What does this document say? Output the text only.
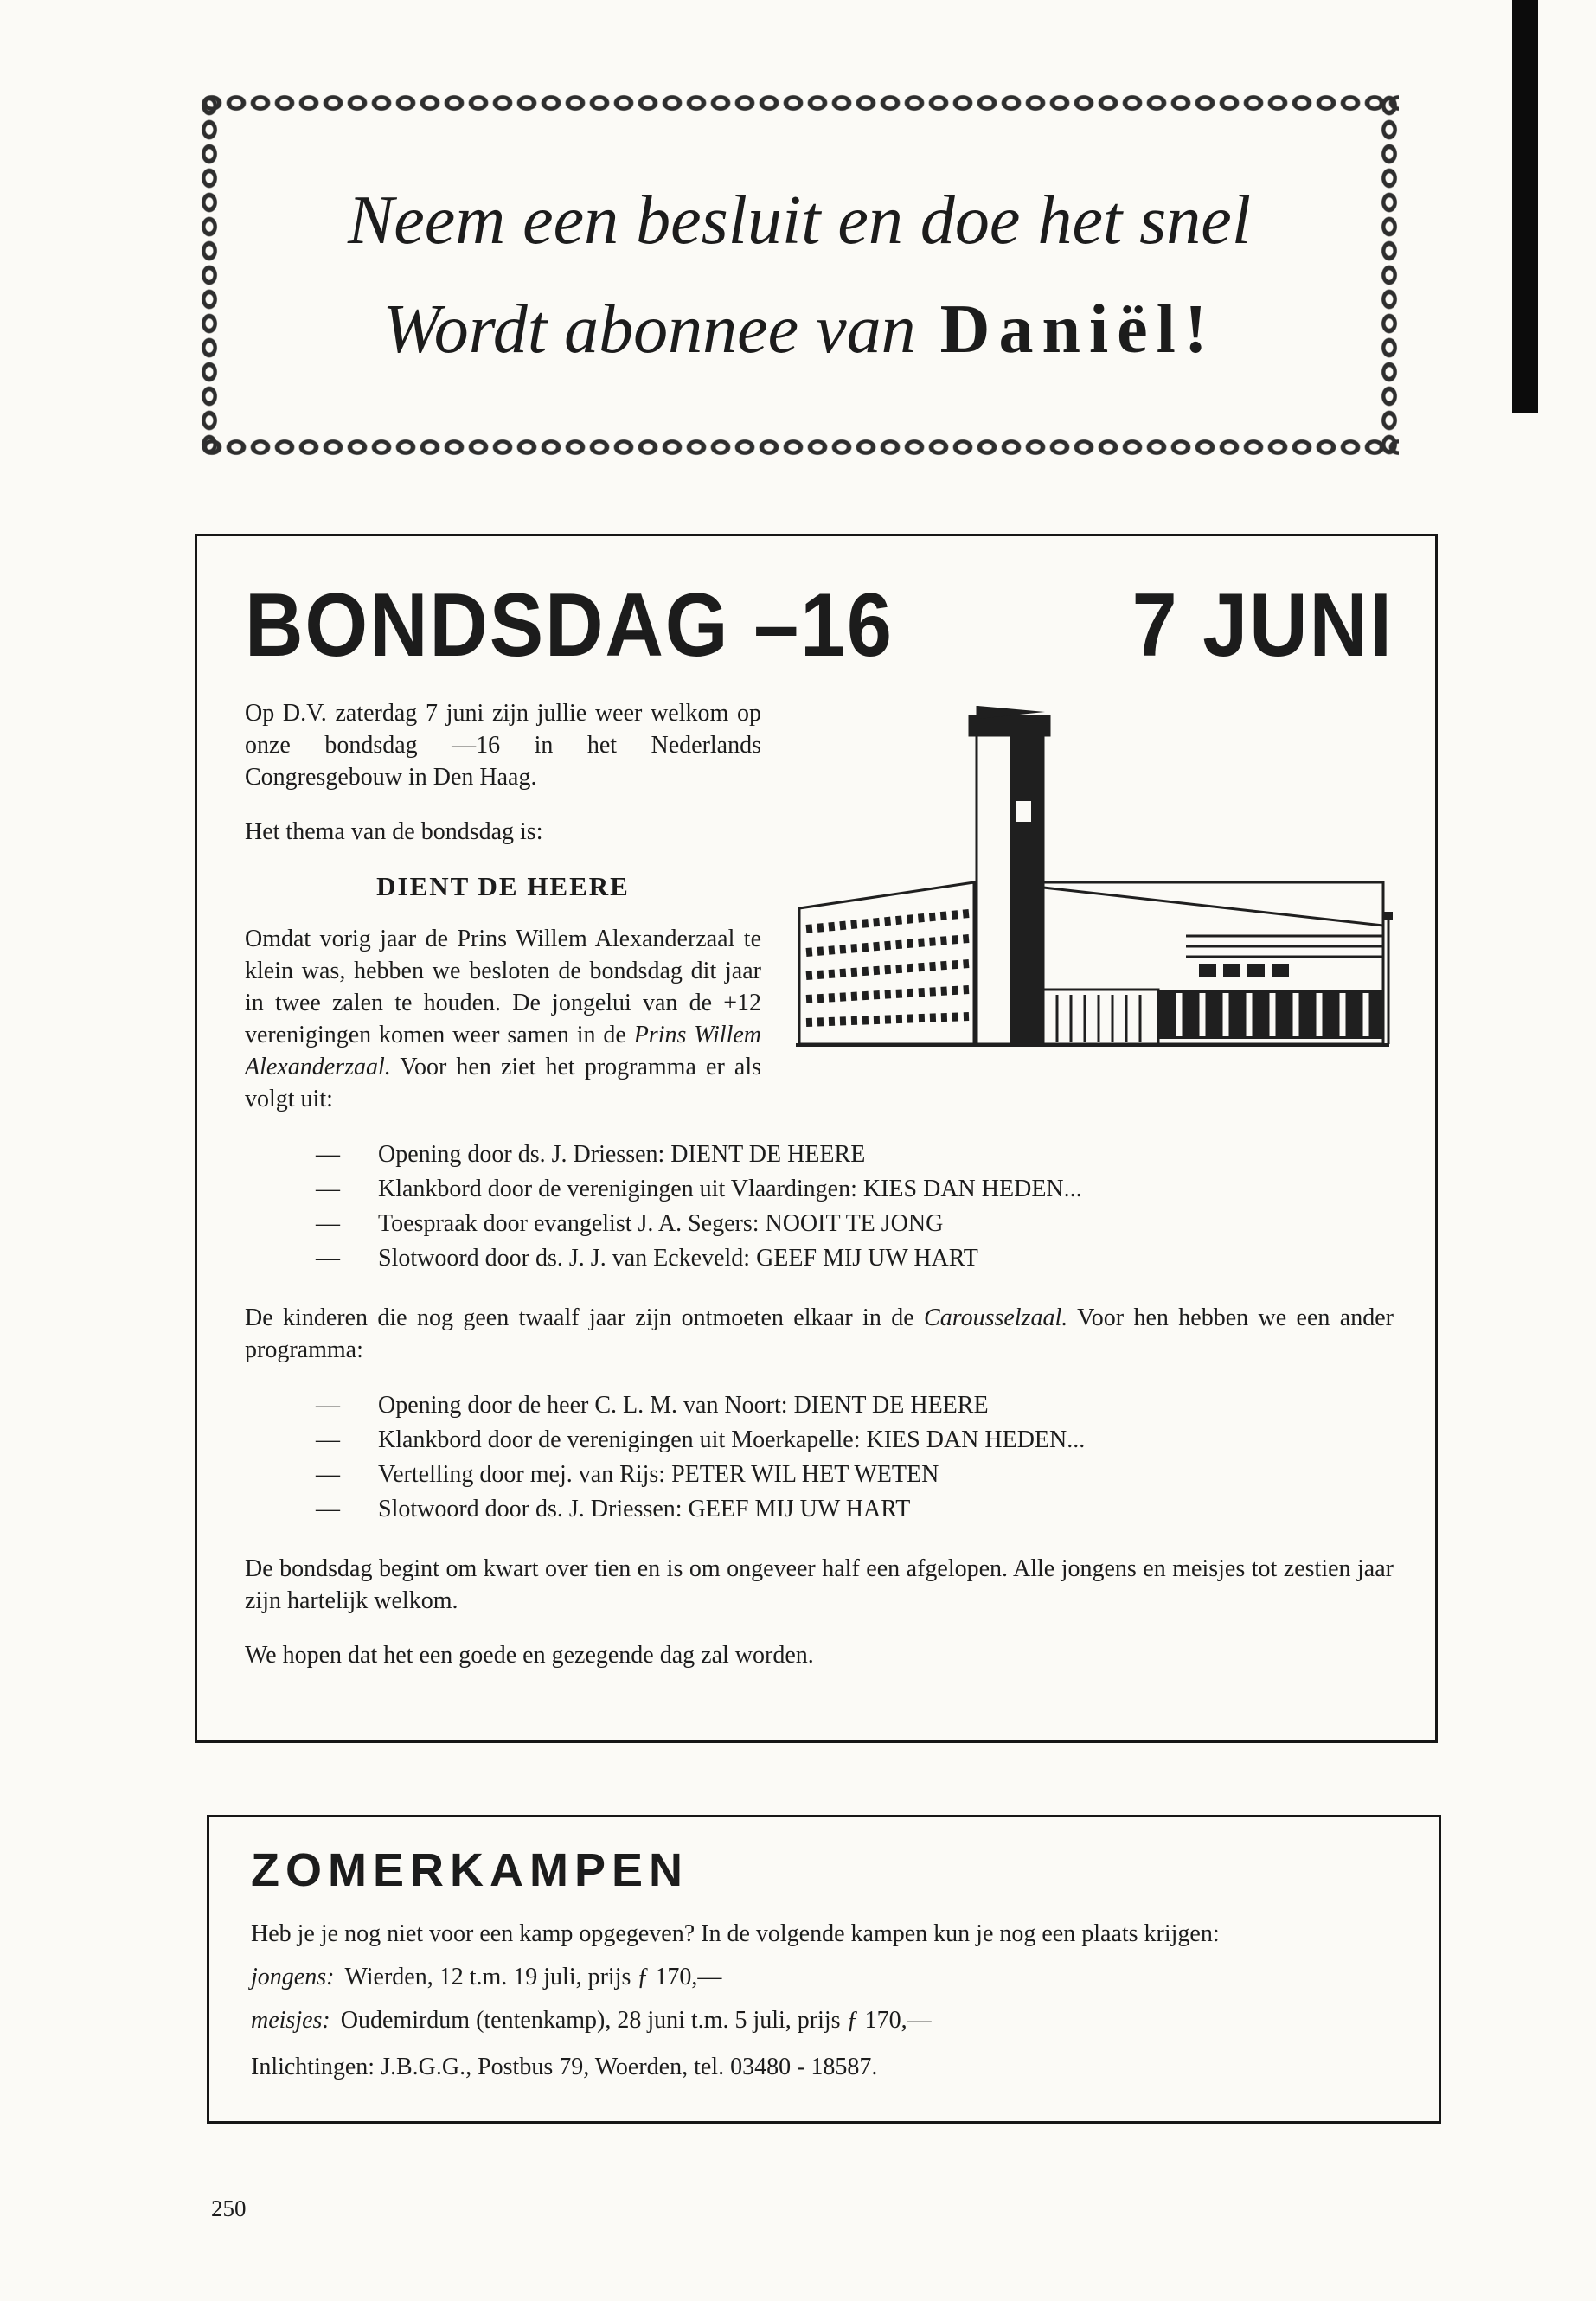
Neem een besluit en doe het snel
Wordt abonnee van Daniël!
BONDSDAG –16	7 JUNI

Op D.V. zaterdag 7 juni zijn jullie weer welkom op onze bondsdag —16 in het Nederlands Congresgebouw in Den Haag.

Het thema van de bondsdag is:

DIENT DE HEERE

Omdat vorig jaar de Prins Willem Alexanderzaal te klein was, hebben we besloten de bondsdag dit jaar in twee zalen te houden. De jongelui van de +12 verenigingen komen weer samen in de Prins Willem Alexanderzaal. Voor hen ziet het programma er als volgt uit:

—	Opening door ds. J. Driessen: DIENT DE HEERE
—	Klankbord door de verenigingen uit Vlaardingen: KIES DAN HEDEN...
—	Toespraak door evangelist J. A. Segers: NOOIT TE JONG
—	Slotwoord door ds. J. J. van Eckeveld: GEEF MIJ UW HART

De kinderen die nog geen twaalf jaar zijn ontmoeten elkaar in de Carousselzaal. Voor hen hebben we een ander programma:

—	Opening door de heer C. L. M. van Noort: DIENT DE HEERE
—	Klankbord door de verenigingen uit Moerkapelle: KIES DAN HEDEN...
—	Vertelling door mej. van Rijs: PETER WIL HET WETEN
—	Slotwoord door ds. J. Driessen: GEEF MIJ UW HART

De bondsdag begint om kwart over tien en is om ongeveer half een afgelopen. Alle jongens en meisjes tot zestien jaar zijn hartelijk welkom.

We hopen dat het een goede en gezegende dag zal worden.

ZOMERKAMPEN

Heb je je nog niet voor een kamp opgegeven? In de volgende kampen kun je nog een plaats krijgen:

jongens: Wierden, 12 t.m. 19 juli, prijs ƒ 170,—

meisjes: Oudemirdum (tentenkamp), 28 juni t.m. 5 juli, prijs ƒ 170,—

Inlichtingen: J.B.G.G., Postbus 79, Woerden, tel. 03480 - 18587.

250
